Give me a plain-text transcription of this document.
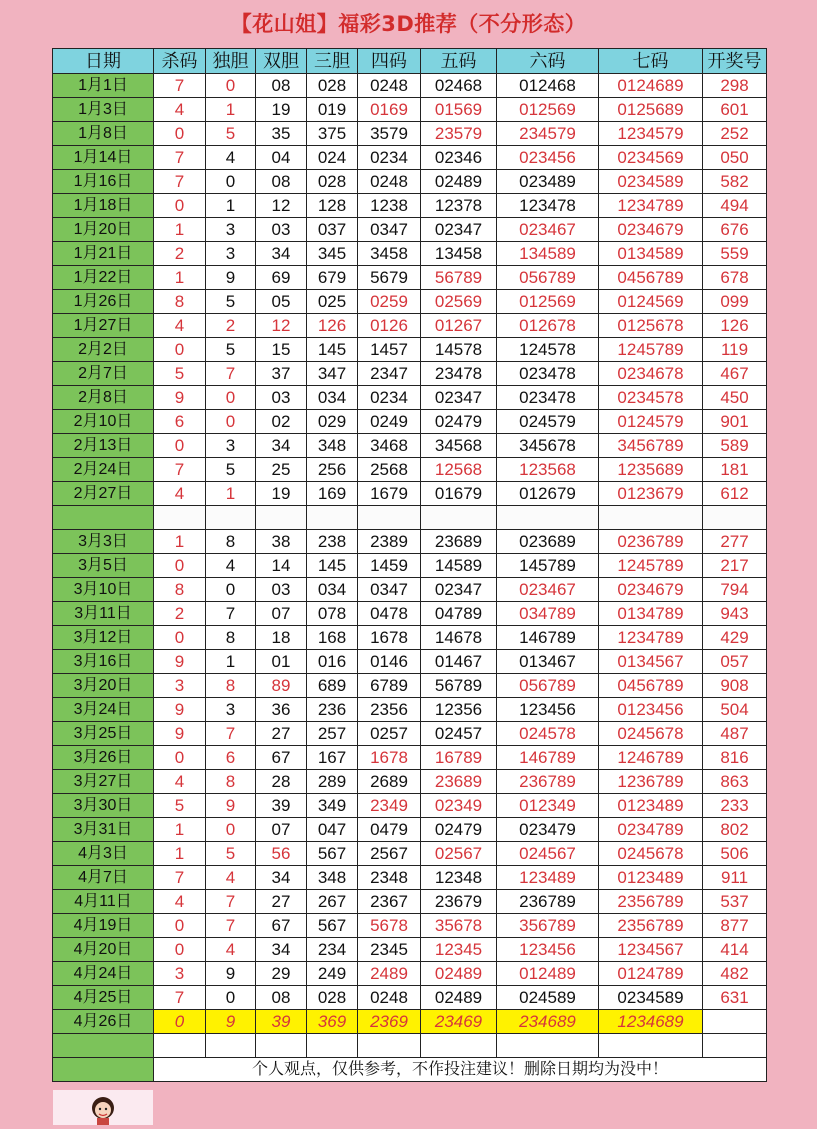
【花山姐】 福彩3D推荐（不分形态）
日期	杀码	独胆	双胆	三胆	四码	五码	六码	七码	开奖号
1月1日	7	0	08	028	0248	02468	012468	0124689	298
1月3日	4	1	19	019	0169	01569	012569	0125689	601
1月8日	0	5	35	375	3579	23579	234579	1234579	252
1月14日	7	4	04	024	0234	02346	023456	0234569	050
1月16日	7	0	08	028	0248	02489	023489	0234589	582
1月18日	0	1	12	128	1238	12378	123478	1234789	494
1月20日	1	3	03	037	0347	02347	023467	0234679	676
1月21日	2	3	34	345	3458	13458	134589	0134589	559
1月22日	1	9	69	679	5679	56789	056789	0456789	678
1月26日	8	5	05	025	0259	02569	012569	0124569	099
1月27日	4	2	12	126	0126	01267	012678	0125678	126
2月2日	0	5	15	145	1457	14578	124578	1245789	119
2月7日	5	7	37	347	2347	23478	023478	0234678	467
2月8日	9	0	03	034	0234	02347	023478	0234578	450
2月10日	6	0	02	029	0249	02479	024579	0124579	901
2月13日	0	3	34	348	3468	34568	345678	3456789	589
2月24日	7	5	25	256	2568	12568	123568	1235689	181
2月27日	4	1	19	169	1679	01679	012679	0123679	612

3月3日	1	8	38	238	2389	23689	023689	0236789	277
3月5日	0	4	14	145	1459	14589	145789	1245789	217
3月10日	8	0	03	034	0347	02347	023467	0234679	794
3月11日	2	7	07	078	0478	04789	034789	0134789	943
3月12日	0	8	18	168	1678	14678	146789	1234789	429
3月16日	9	1	01	016	0146	01467	013467	0134567	057
3月20日	3	8	89	689	6789	56789	056789	0456789	908
3月24日	9	3	36	236	2356	12356	123456	0123456	504
3月25日	9	7	27	257	0257	02457	024578	0245678	487
3月26日	0	6	67	167	1678	16789	146789	1246789	816
3月27日	4	8	28	289	2689	23689	236789	1236789	863
3月30日	5	9	39	349	2349	02349	012349	0123489	233
3月31日	1	0	07	047	0479	02479	023479	0234789	802
4月3日	1	5	56	567	2567	02567	024567	0245678	506
4月7日	7	4	34	348	2348	12348	123489	0123489	911
4月11日	4	7	27	267	2367	23679	236789	2356789	537
4月19日	0	7	67	567	5678	35678	356789	2356789	877
4月20日	0	4	34	234	2345	12345	123456	1234567	414
4月24日	3	9	29	249	2489	02489	012489	0124789	482
4月25日	7	0	08	028	0248	02489	024589	0234589	631
4月26日	0	9	39	369	2369	23469	234689	1234689	

	个人观点，仅供参考，不作投注建议！删除日期均为没中！								
